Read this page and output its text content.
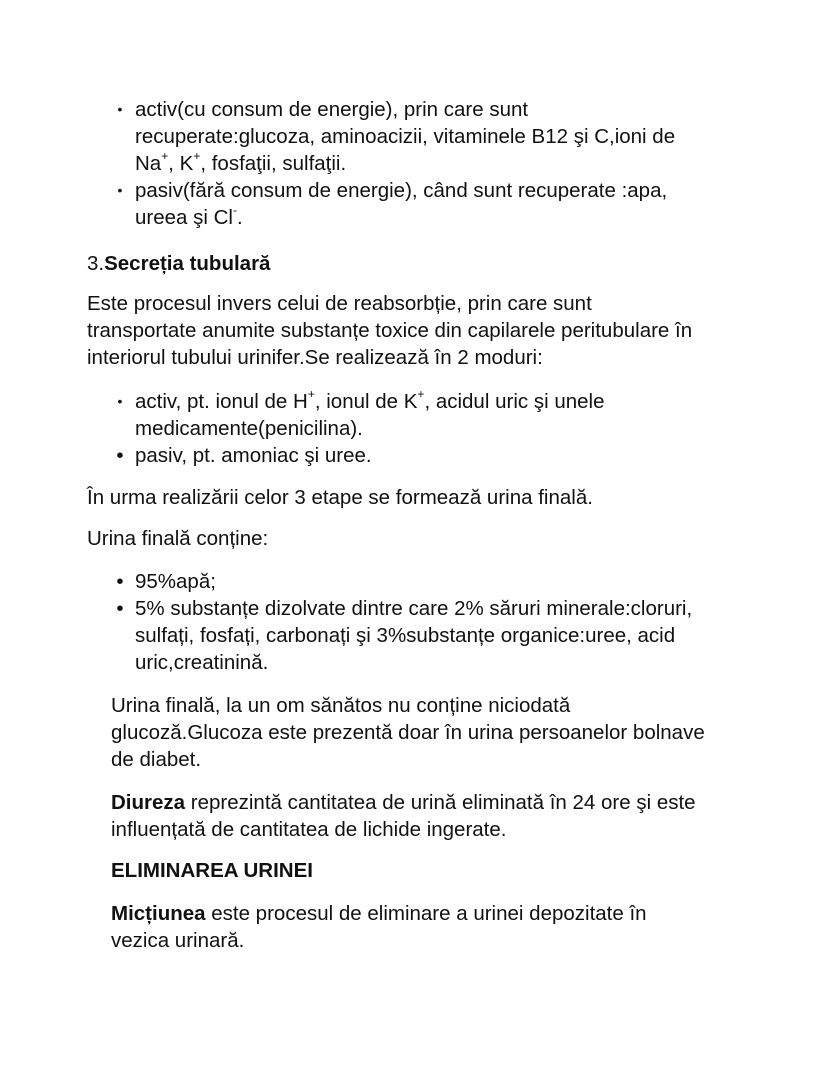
• activ(cu consum de energie), prin care sunt
recuperate:glucoza, aminoacizii, vitaminele B12 şi C,ioni de
Na+, K+, fosfaţii, sulfaţii.
• pasiv(fără consum de energie), când sunt recuperate :apa,
ureea şi Cl-.

3.Secreția tubulară

Este procesul invers celui de reabsorbție, prin care sunt
transportate anumite substanțe toxice din capilarele peritubulare în
interiorul tubului urinifer.Se realizează în 2 moduri:
• activ, pt. ionul de H+, ionul de K+, acidul uric şi unele
medicamente(penicilina).
• pasiv, pt. amoniac şi uree.

În urma realizării celor 3 etape se formează urina finală.

Urina finală conține:

• 95%apă;
• 5% substanțe dizolvate dintre care 2% săruri minerale:cloruri,
sulfați, fosfați, carbonați şi 3%substanțe organice:uree, acid
uric,creatinină.
Urina finală, la un om sănătos nu conține niciodată
glucoză.Glucoza este prezentă doar în urina persoanelor bolnave
de diabet.
Diureza reprezintă cantitatea de urină eliminată în 24 ore şi este
influențată de cantitatea de lichide ingerate.

ELIMINAREA URINEI

Micțiunea este procesul de eliminare a urinei depozitate în
vezica urinară.
